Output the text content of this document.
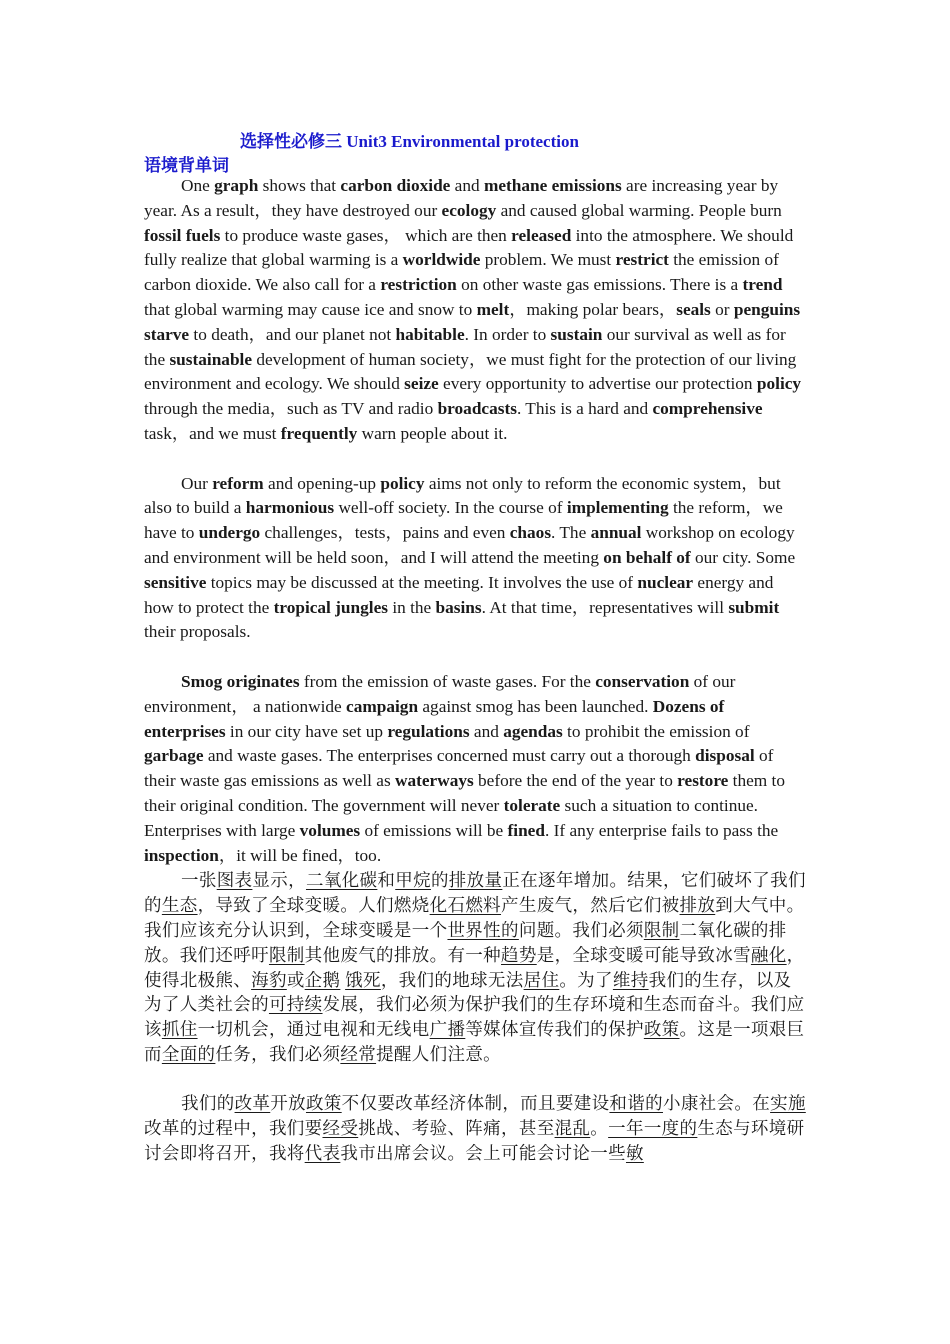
选择性必修三 Unit3 Environmental protection
语境背单词

One graph shows that carbon dioxide and methane emissions are increasing year by year. As a result，they have destroyed our ecology and caused global warming. People burn fossil fuels to produce waste gases， which are then released into the atmosphere. We should fully realize that global warming is a worldwide problem. We must restrict the emission of carbon dioxide. We also call for a restriction on other waste gas emissions. There is a trend that global warming may cause ice and snow to melt，making polar bears，seals or penguins starve to death，and our planet not habitable. In order to sustain our survival as well as for the sustainable development of human society，we must fight for the protection of our living environment and ecology. We should seize every opportunity to advertise our protection policy through the media，such as TV and radio broadcasts. This is a hard and comprehensive task，and we must frequently warn people about it.

Our reform and opening-up policy aims not only to reform the economic system，but also to build a harmonious well-off society. In the course of implementing the reform，we have to undergo challenges，tests，pains and even chaos. The annual workshop on ecology and environment will be held soon，and I will attend the meeting on behalf of our city. Some sensitive topics may be discussed at the meeting. It involves the use of nuclear energy and how to protect the tropical jungles in the basins. At that time，representatives will submit their proposals.

Smog originates from the emission of waste gases. For the conservation of our environment， a nationwide campaign against smog has been launched. Dozens of enterprises in our city have set up regulations and agendas to prohibit the emission of garbage and waste gases. The enterprises concerned must carry out a thorough disposal of their waste gas emissions as well as waterways before the end of the year to restore them to their original condition. The government will never tolerate such a situation to continue. Enterprises with large volumes of emissions will be fined. If any enterprise fails to pass the inspection，it will be fined，too.

一张图表显示，二氧化碳和甲烷的排放量正在逐年增加。结果，它们破坏了我们的生态，导致了全球变暖。人们燃烧化石燃料产生废气，然后它们被排放到大气中。我们应该充分认识到，全球变暖是一个世界性的问题。我们必须限制二氧化碳的排放。我们还呼吁限制其他废气的排放。有一种趋势是，全球变暖可能导致冰雪融化，使得北极熊、海豹或企鹅 饿死，我们的地球无法居住。为了维持我们的生存，以及为了人类社会的可持续发展，我们必须为保护我们的生存环境和生态而奋斗。我们应该抓住一切机会，通过电视和无线电广播等媒体宣传我们的保护政策。这是一项艰巨而全面的任务，我们必须经常提醒人们注意。

我们的改革开放政策不仅要改革经济体制，而且要建设和谐的小康社会。在实施改革的过程中，我们要经受挑战、考验、阵痛，甚至混乱。一年一度的生态与环境研讨会即将召开，我将代表我市出席会议。会上可能会讨论一些敏
